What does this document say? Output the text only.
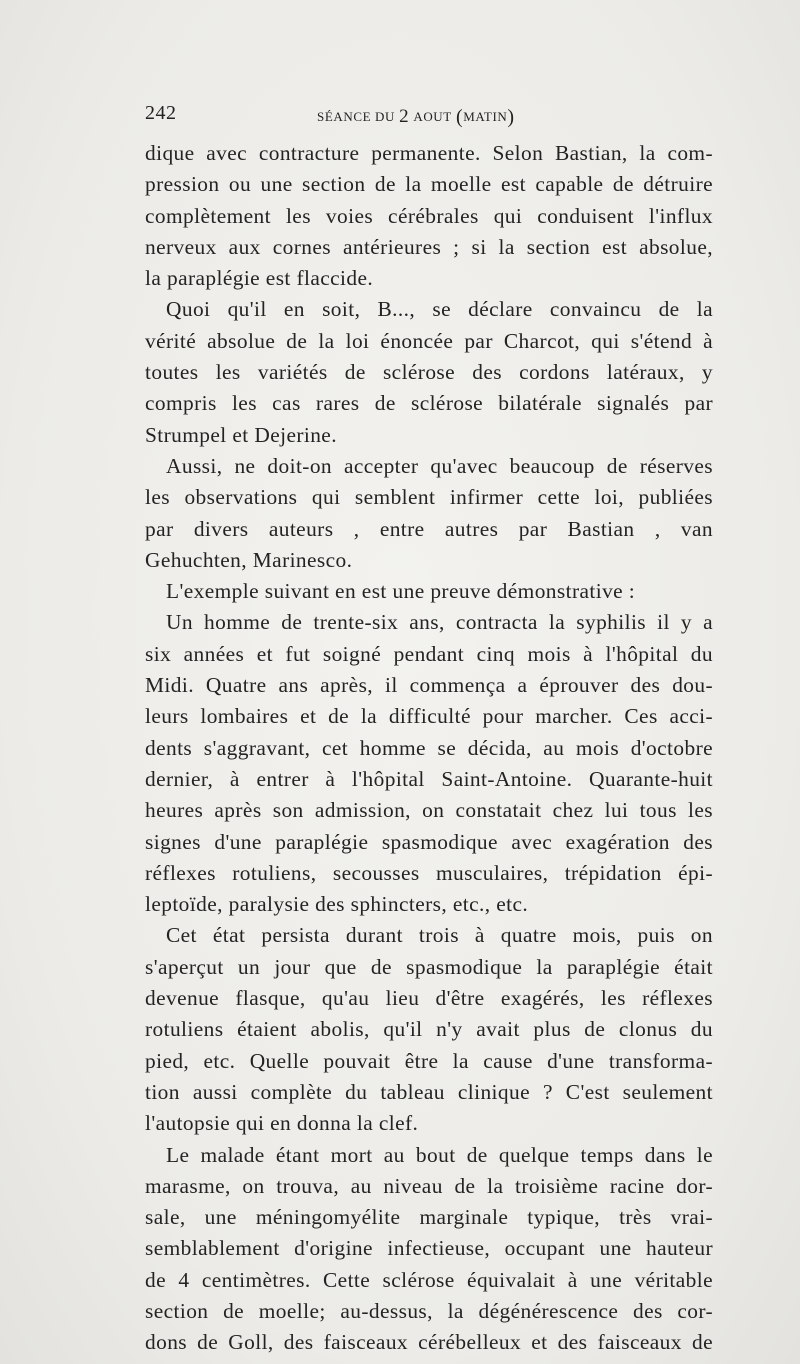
242	SÉANCE DU 2 AOUT (MATIN)
dique avec contracture permanente. Selon Bastian, la com-
pression ou une section de la moelle est capable de détruire
complètement les voies cérébrales qui conduisent l'influx
nerveux aux cornes antérieures ; si la section est absolue,
la paraplégie est flaccide.
Quoi qu'il en soit, B..., se déclare convaincu de la
vérité absolue de la loi énoncée par Charcot, qui s'étend à
toutes les variétés de sclérose des cordons latéraux, y
compris les cas rares de sclérose bilatérale signalés par
Strumpel et Dejerine.
Aussi, ne doit-on accepter qu'avec beaucoup de réserves
les observations qui semblent infirmer cette loi, publiées
par divers auteurs , entre autres par Bastian , van
Gehuchten, Marinesco.
L'exemple suivant en est une preuve démonstrative :
Un homme de trente-six ans, contracta la syphilis il y a
six années et fut soigné pendant cinq mois à l'hôpital du
Midi. Quatre ans après, il commença a éprouver des dou-
leurs lombaires et de la difficulté pour marcher. Ces acci-
dents s'aggravant, cet homme se décida, au mois d'octobre
dernier, à entrer à l'hôpital Saint-Antoine. Quarante-huit
heures après son admission, on constatait chez lui tous les
signes d'une paraplégie spasmodique avec exagération des
réflexes rotuliens, secousses musculaires, trépidation épi-
leptoïde, paralysie des sphincters, etc., etc.
Cet état persista durant trois à quatre mois, puis on
s'aperçut un jour que de spasmodique la paraplégie était
devenue flasque, qu'au lieu d'être exagérés, les réflexes
rotuliens étaient abolis, qu'il n'y avait plus de clonus du
pied, etc. Quelle pouvait être la cause d'une transforma-
tion aussi complète du tableau clinique ? C'est seulement
l'autopsie qui en donna la clef.
Le malade étant mort au bout de quelque temps dans le
marasme, on trouva, au niveau de la troisième racine dor-
sale, une méningomyélite marginale typique, très vrai-
semblablement d'origine infectieuse, occupant une hauteur
de 4 centimètres. Cette sclérose équivalait à une véritable
section de moelle; au-dessus, la dégénérescence des cor-
dons de Goll, des faisceaux cérébelleux et des faisceaux de
